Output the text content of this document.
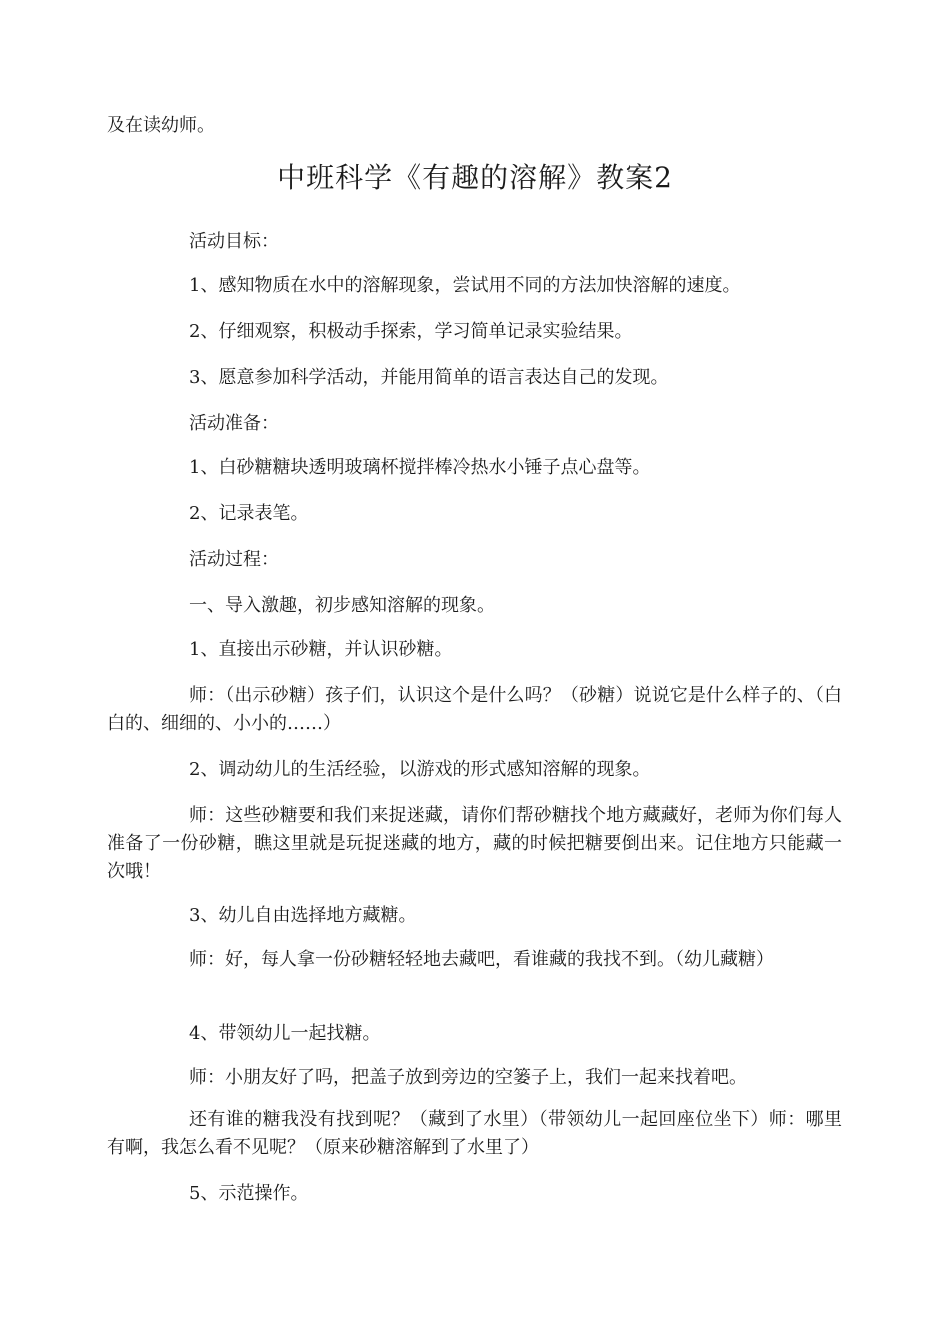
及在读幼师。
中班科学《有趣的溶解》教案2
活动目标：
1、感知物质在水中的溶解现象，尝试用不同的方法加快溶解的速度。
2、仔细观察，积极动手探索，学习简单记录实验结果。
3、愿意参加科学活动，并能用简单的语言表达自己的发现。
活动准备：
1、白砂糖糖块透明玻璃杯搅拌棒冷热水小锤子点心盘等。
2、记录表笔。
活动过程：
一、导入激趣，初步感知溶解的现象。
1、直接出示砂糖，并认识砂糖。
师：（出示砂糖）孩子们，认识这个是什么吗？（砂糖）说说它是什么样子的、（白白的、细细的、小小的……）
2、调动幼儿的生活经验，以游戏的形式感知溶解的现象。
师：这些砂糖要和我们来捉迷藏，请你们帮砂糖找个地方藏藏好，老师为你们每人准备了一份砂糖，瞧这里就是玩捉迷藏的地方，藏的时候把糖要倒出来。记住地方只能藏一次哦！
3、幼儿自由选择地方藏糖。
师：好，每人拿一份砂糖轻轻地去藏吧，看谁藏的我找不到。（幼儿藏糖）
4、带领幼儿一起找糖。
师：小朋友好了吗，把盖子放到旁边的空篓子上，我们一起来找着吧。
还有谁的糖我没有找到呢？（藏到了水里）（带领幼儿一起回座位坐下）师：哪里有啊，我怎么看不见呢？（原来砂糖溶解到了水里了）
5、示范操作。
